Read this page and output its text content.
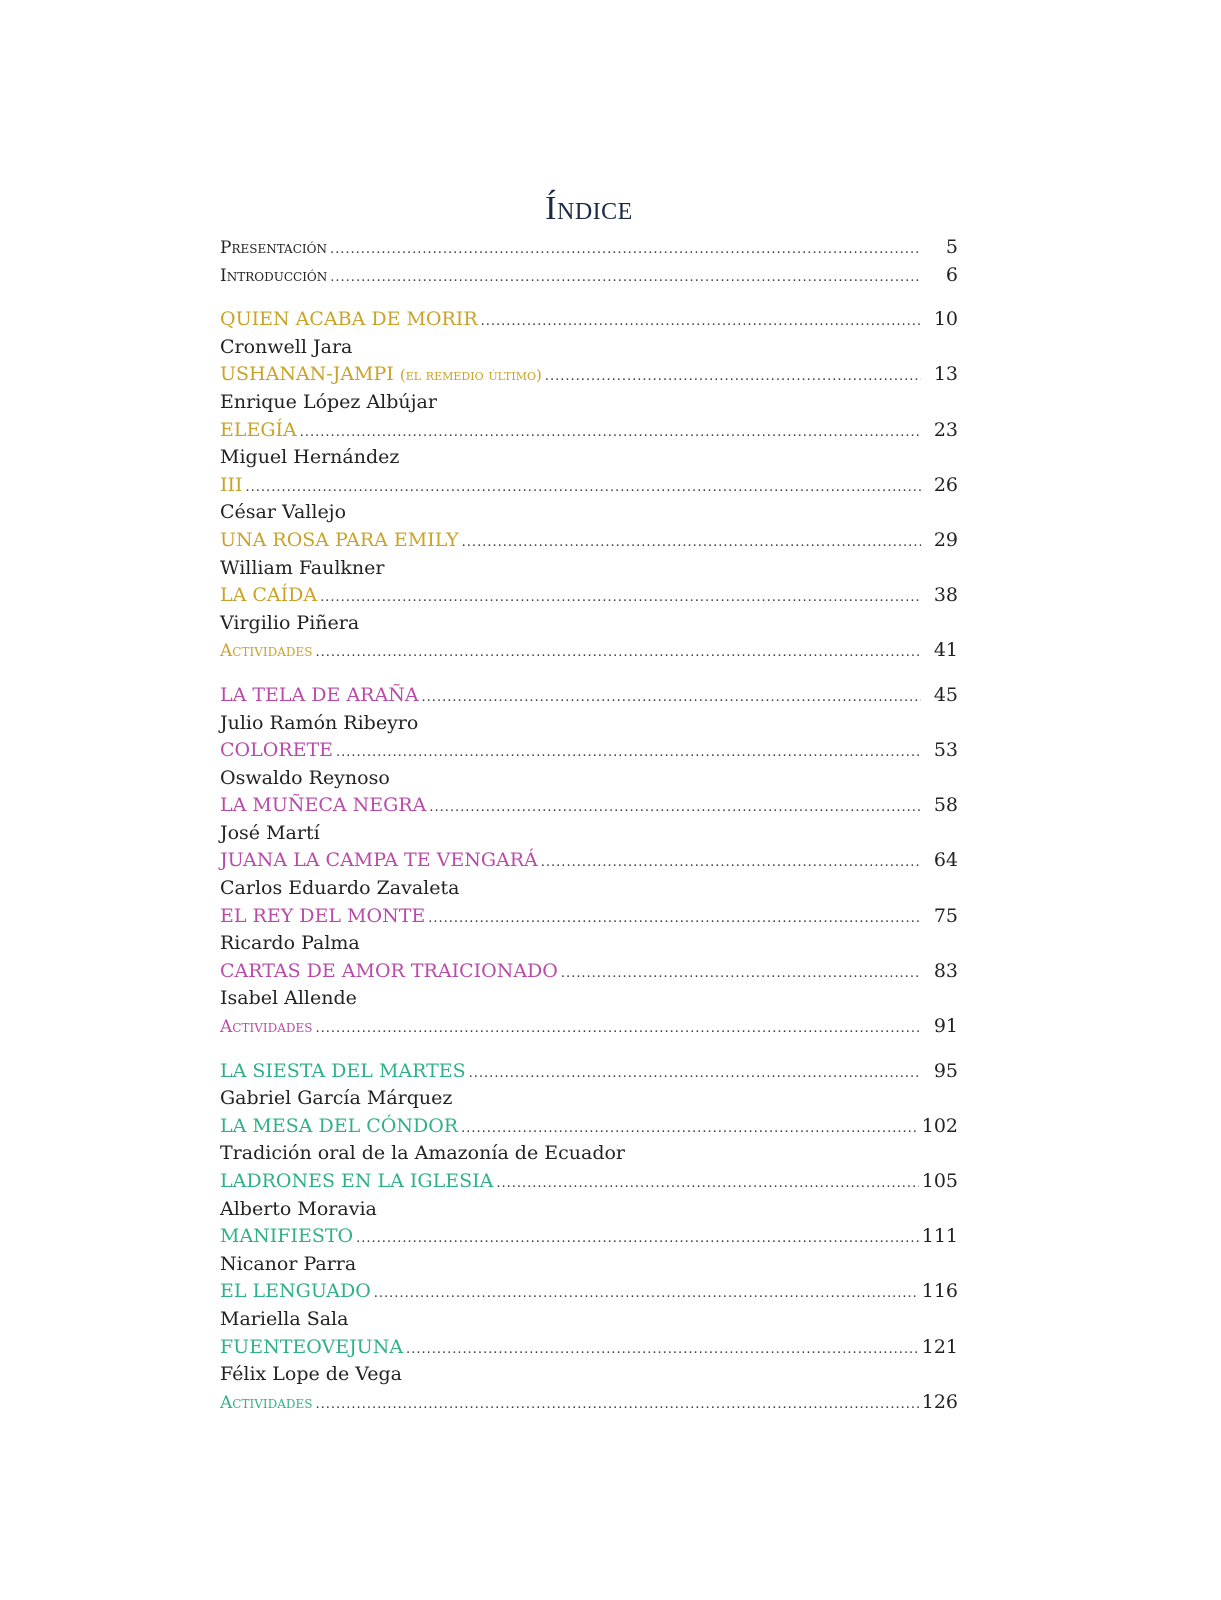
Índice
Presentación .....	5
Introducción .....	6
QUIEN ACABA DE MORIR .....	10
Cronwell Jara
USHANAN-JAMPI (el remedio último) .....	13
Enrique López Albújar
ELEGÍA .....	23
Miguel Hernández
III .....	26
César Vallejo
UNA ROSA PARA EMILY .....	29
William Faulkner
LA CAÍDA .....	38
Virgilio Piñera
Actividades .....	41
LA TELA DE ARAÑA .....	45
Julio Ramón Ribeyro
COLORETE .....	53
Oswaldo Reynoso
LA MUÑECA NEGRA .....	58
José Martí
JUANA LA CAMPA TE VENGARÁ .....	64
Carlos Eduardo Zavaleta
EL REY DEL MONTE .....	75
Ricardo Palma
CARTAS DE AMOR TRAICIONADO .....	83
Isabel Allende
Actividades .....	91
LA SIESTA DEL MARTES .....	95
Gabriel García Márquez
LA MESA DEL CÓNDOR .....	102
Tradición oral de la Amazonía de Ecuador
LADRONES EN LA IGLESIA .....	105
Alberto Moravia
MANIFIESTO .....	111
Nicanor Parra
EL LENGUADO .....	116
Mariella Sala
FUENTEOVEJUNA .....	121
Félix Lope de Vega
Actividades .....	126
